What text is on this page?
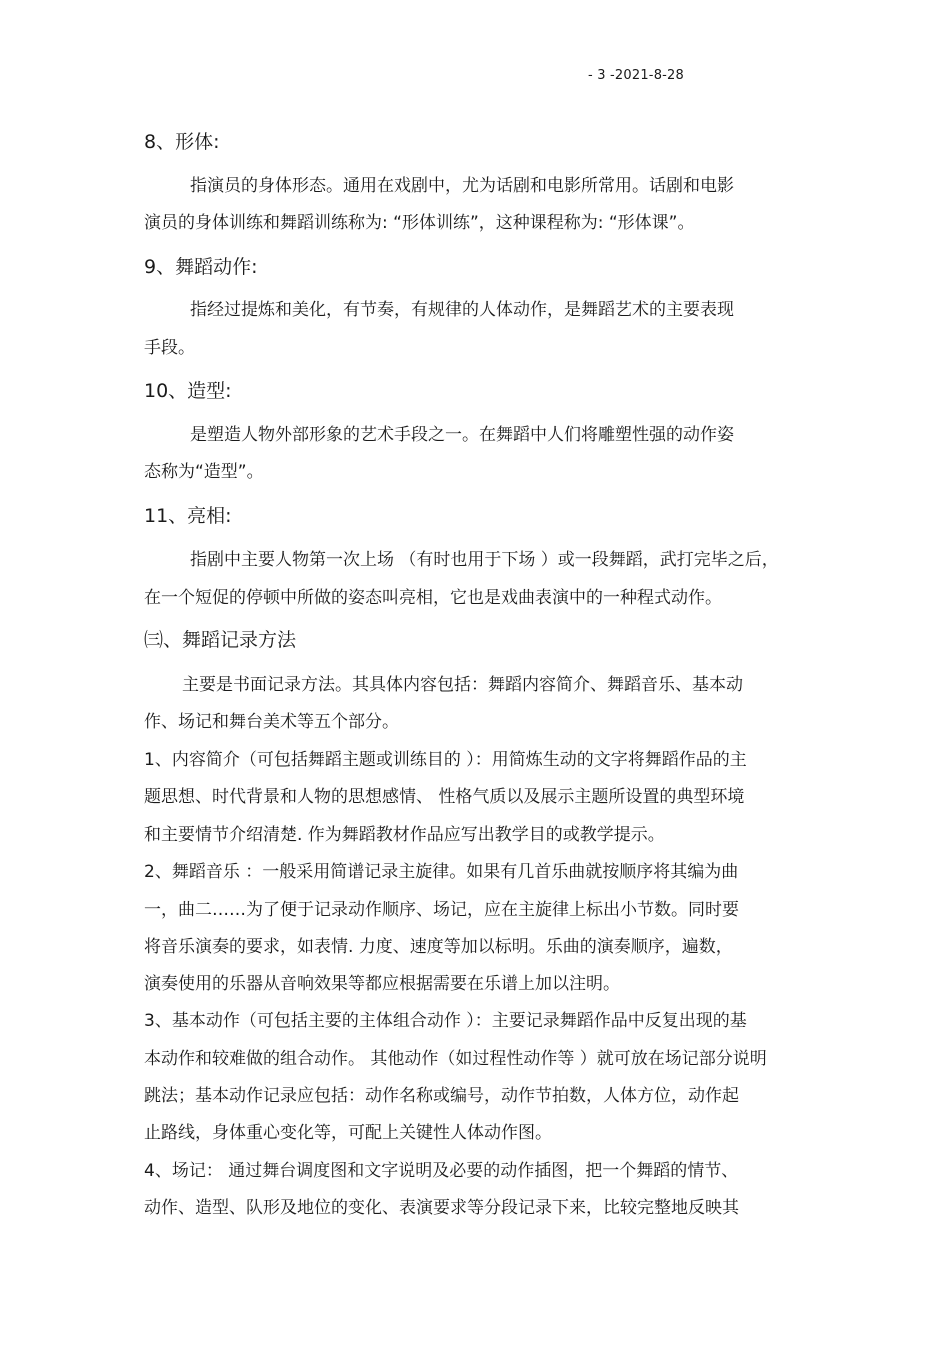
- 3 -2021-8-28
8、形体:
指演员的身体形态。通用在戏剧中，尤为话剧和电影所常用。话剧和电影
演员的身体训练和舞蹈训练称为: “形体训练”，这种课程称为: “形体课”。
9、舞蹈动作:
指经过提炼和美化，有节奏，有规律的人体动作，是舞蹈艺术的主要表现
手段。
10、造型:
是塑造人物外部形象的艺术手段之一。在舞蹈中人们将雕塑性强的动作姿
态称为“造型”。
11、亮相:
指剧中主要人物第一次上场 （有时也用于下场 ）或一段舞蹈，武打完毕之后，
在一个短促的停顿中所做的姿态叫亮相，它也是戏曲表演中的一种程式动作。
㈢、舞蹈记录方法
主要是书面记录方法。其具体内容包括：舞蹈内容简介、舞蹈音乐、基本动
作、场记和舞台美术等五个部分。
1、内容简介（可包括舞蹈主题或训练目的 ）：用简炼生动的文字将舞蹈作品的主
题思想、时代背景和人物的思想感情、 性格气质以及展示主题所设置的典型环境
和主要情节介绍清楚. 作为舞蹈教材作品应写出教学目的或教学提示。
2、舞蹈音乐 ：一般采用简谱记录主旋律。如果有几首乐曲就按顺序将其编为曲
一，曲二……为了便于记录动作顺序、场记，应在主旋律上标出小节数。同时要
将音乐演奏的要求，如表情. 力度、速度等加以标明。乐曲的演奏顺序，遍数，
演奏使用的乐器从音响效果等都应根据需要在乐谱上加以注明。
3、基本动作（可包括主要的主体组合动作 ）：主要记录舞蹈作品中反复出现的基
本动作和较难做的组合动作。 其他动作（如过程性动作等 ）就可放在场记部分说明
跳法；基本动作记录应包括：动作名称或编号，动作节拍数，人体方位，动作起
止路线，身体重心变化等，可配上关键性人体动作图。
4、场记： 通过舞台调度图和文字说明及必要的动作插图，把一个舞蹈的情节、
动作、造型、队形及地位的变化、表演要求等分段记录下来，比较完整地反映其
